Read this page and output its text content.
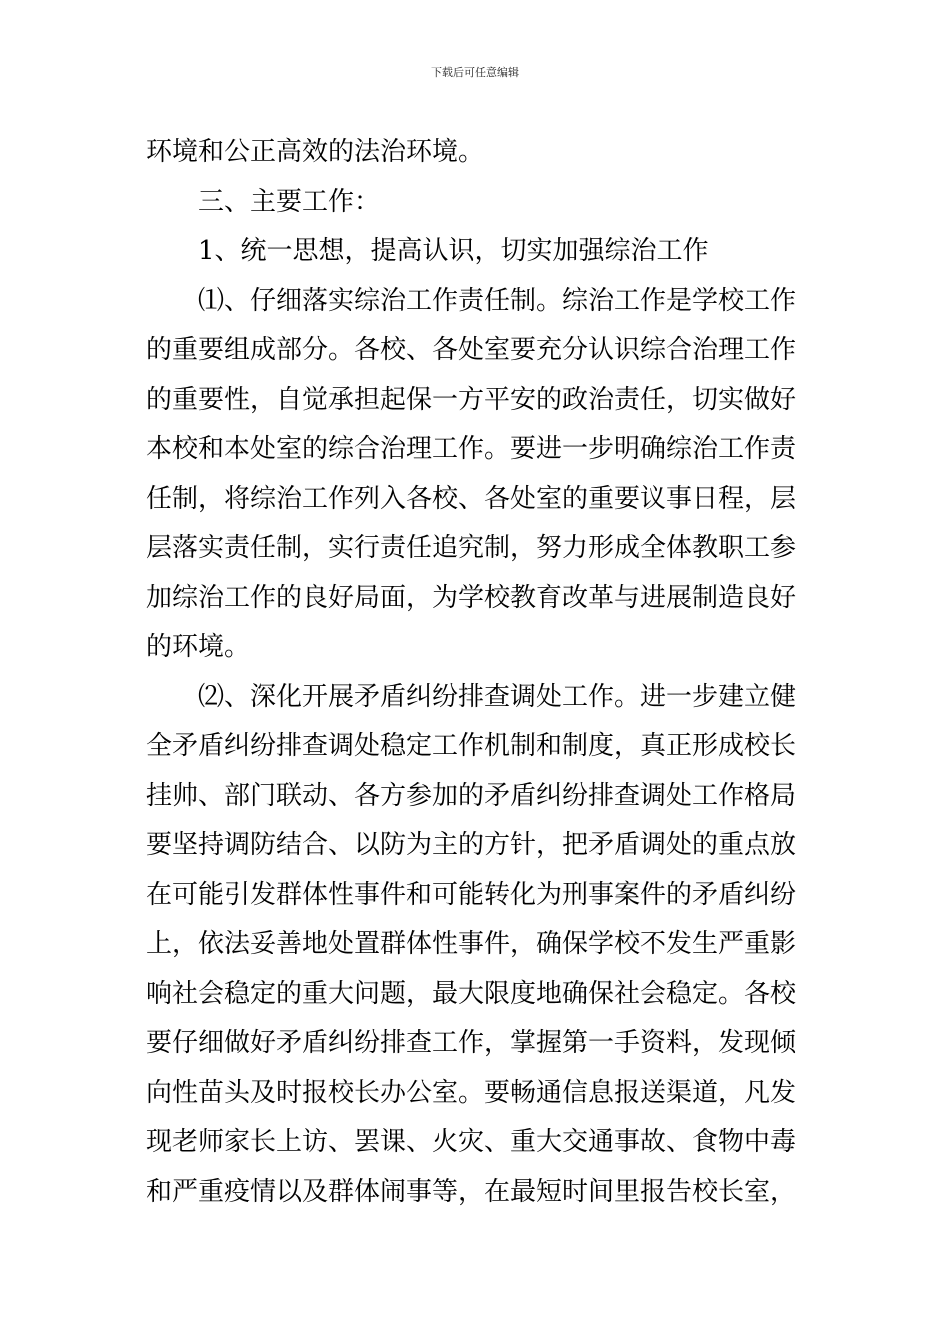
下载后可任意编辑
环境和公正高效的法治环境。
三、主要工作：
1、统一思想，提高认识，切实加强综治工作
⑴、仔细落实综治工作责任制。综治工作是学校工作
的重要组成部分。各校、各处室要充分认识综合治理工作
的重要性，自觉承担起保一方平安的政治责任，切实做好
本校和本处室的综合治理工作。要进一步明确综治工作责
任制，将综治工作列入各校、各处室的重要议事日程，层
层落实责任制，实行责任追究制，努力形成全体教职工参
加综治工作的良好局面，为学校教育改革与进展制造良好
的环境。
⑵、深化开展矛盾纠纷排查调处工作。进一步建立健
全矛盾纠纷排查调处稳定工作机制和制度，真正形成校长
挂帅、部门联动、各方参加的矛盾纠纷排查调处工作格局
要坚持调防结合、以防为主的方针，把矛盾调处的重点放
在可能引发群体性事件和可能转化为刑事案件的矛盾纠纷
上，依法妥善地处置群体性事件，确保学校不发生严重影
响社会稳定的重大问题，最大限度地确保社会稳定。各校
要仔细做好矛盾纠纷排查工作，掌握第一手资料，发现倾
向性苗头及时报校长办公室。要畅通信息报送渠道，凡发
现老师家长上访、罢课、火灾、重大交通事故、食物中毒
和严重疫情以及群体闹事等，在最短时间里报告校长室，
